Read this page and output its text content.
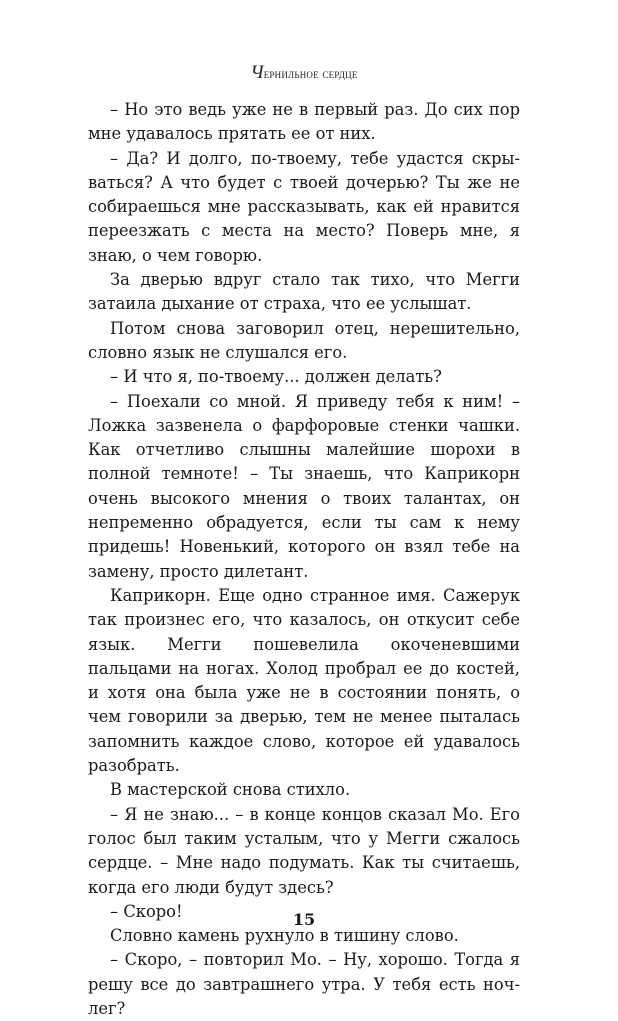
Чернильное сердце

– Но это ведь уже не в первый раз. До сих пор мне удавалось прятать ее от них.

– Да? И долго, по-твоему, тебе удастся скрываться? А что будет с твоей дочерью? Ты же не собираешься мне рассказывать, как ей нравится переезжать с места на место? Поверь мне, я знаю, о чем говорю.

За дверью вдруг стало так тихо, что Мегги затаила дыхание от страха, что ее услышат.

Потом снова заговорил отец, нерешительно, словно язык не слушался его.

– И что я, по-твоему... должен делать?

– Поехали со мной. Я приведу тебя к ним! – Ложка зазвенела о фарфоровые стенки чашки. Как отчетливо слышны малейшие шорохи в полной темноте! – Ты знаешь, что Каприкорн очень высокого мнения о твоих талантах, он непременно обрадуется, если ты сам к нему придешь! Новенький, которого он взял тебе на замену, просто дилетант.

Каприкорн. Еще одно странное имя. Сажерук так произнес его, что казалось, он откусит себе язык. Мегги пошевелила окоченевшими пальцами на ногах. Холод пробрал ее до костей, и хотя она была уже не в состоянии понять, о чем говорили за дверью, тем не менее пыталась запомнить каждое слово, которое ей удавалось разобрать.

В мастерской снова стихло.

– Я не знаю... – в конце концов сказал Мо. Его голос был таким усталым, что у Мегги сжалось сердце. – Мне надо подумать. Как ты считаешь, когда его люди будут здесь?

– Скоро!

Словно камень рухнуло в тишину слово.

– Скоро, – повторил Мо. – Ну, хорошо. Тогда я решу все до завтрашнего утра. У тебя есть ночлег?

15
